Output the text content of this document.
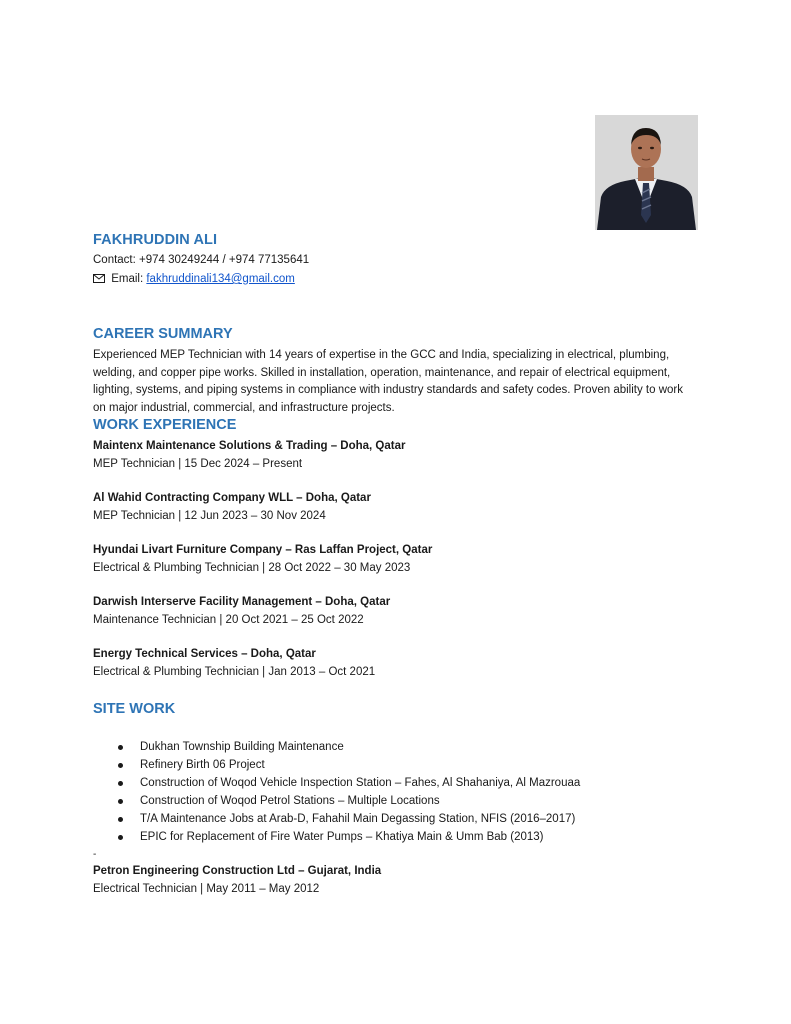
FAKHRUDDIN ALI
Contact: +974 30249244 / +974 77135641
Email: fakhruddinali134@gmail.com
CAREER SUMMARY
Experienced MEP Technician with 14 years of expertise in the GCC and India, specializing in electrical, plumbing, welding, and copper pipe works. Skilled in installation, operation, maintenance, and repair of electrical equipment, lighting, systems, and piping systems in compliance with industry standards and safety codes. Proven ability to work on major industrial, commercial, and infrastructure projects.
WORK EXPERIENCE
Maintenx Maintenance Solutions & Trading – Doha, Qatar
MEP Technician | 15 Dec 2024 – Present
Al Wahid Contracting Company WLL – Doha, Qatar
MEP Technician | 12 Jun 2023 – 30 Nov 2024
Hyundai Livart Furniture Company – Ras Laffan Project, Qatar
Electrical & Plumbing Technician | 28 Oct 2022 – 30 May 2023
Darwish Interserve Facility Management – Doha, Qatar
Maintenance Technician | 20 Oct 2021 – 25 Oct 2022
Energy Technical Services – Doha, Qatar
Electrical & Plumbing Technician | Jan 2013 – Oct 2021
SITE WORK
Dukhan Township Building Maintenance
Refinery Birth 06 Project
Construction of Woqod Vehicle Inspection Station – Fahes, Al Shahaniya, Al Mazrouaa
Construction of Woqod Petrol Stations – Multiple Locations
T/A Maintenance Jobs at Arab-D, Fahahil Main Degassing Station, NFIS (2016–2017)
EPIC for Replacement of Fire Water Pumps – Khatiya Main & Umm Bab (2013)
-
Petron Engineering Construction Ltd – Gujarat, India
Electrical Technician | May 2011 – May 2012
